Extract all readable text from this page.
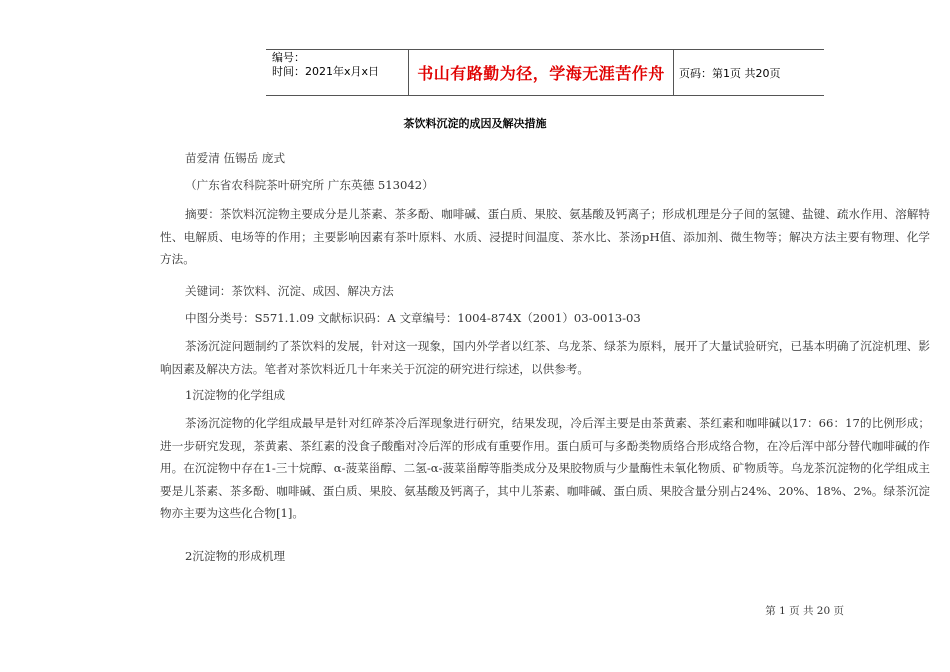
编号：
时间：2021年x月x日	书山有路勤为径，学海无涯苦作舟	页码：第1页 共20页
茶饮料沉淀的成因及解决措施

苗爱清 伍锡岳 庞式

（广东省农科院茶叶研究所 广东英德 513042）

摘要：茶饮料沉淀物主要成分是儿茶素、茶多酚、咖啡碱、蛋白质、果胶、氨基酸及钙离子；形成机理是分子间的氢键、盐键、疏水作用、溶解特性、电解质、电场等的作用；主要影响因素有茶叶原料、水质、浸提时间温度、茶水比、茶汤pH值、添加剂、微生物等；解决方法主要有物理、化学方法。

关键词：茶饮料、沉淀、成因、解决方法

中图分类号：S571.1.09 文献标识码：A 文章编号：1004-874X（2001）03-0013-03

茶汤沉淀问题制约了茶饮料的发展，针对这一现象，国内外学者以红茶、乌龙茶、绿茶为原料，展开了大量试验研究，已基本明确了沉淀机理、影响因素及解决方法。笔者对茶饮料近几十年来关于沉淀的研究进行综述，以供参考。

1沉淀物的化学组成

茶汤沉淀物的化学组成最早是针对红碎茶冷后浑现象进行研究，结果发现，冷后浑主要是由茶黄素、茶红素和咖啡碱以17：66：17的比例形成；进一步研究发现，茶黄素、茶红素的没食子酸酯对冷后浑的形成有重要作用。蛋白质可与多酚类物质络合形成络合物，在冷后浑中部分替代咖啡碱的作用。在沉淀物中存在1-三十烷醇、α-菠菜甾醇、二氢-α-菠菜甾醇等脂类成分及果胶物质与少量酶性未氧化物质、矿物质等。乌龙茶沉淀物的化学组成主要是儿茶素、茶多酚、咖啡碱、蛋白质、果胶、氨基酸及钙离子，其中儿茶素、咖啡碱、蛋白质、果胶含量分别占24%、20%、18%、2%。绿茶沉淀物亦主要为这些化合物[1]。

2沉淀物的形成机理

第 1 页 共 20 页
